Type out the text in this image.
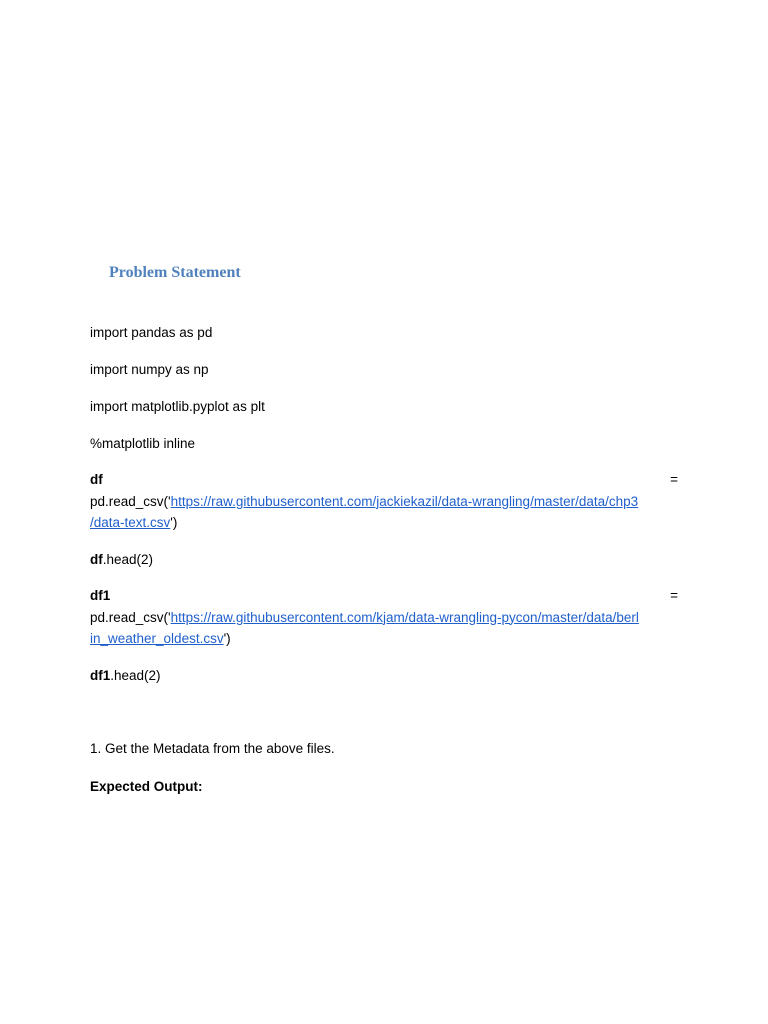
Problem Statement

import pandas as pd

import numpy as np

import matplotlib.pyplot as plt

%matplotlib inline

df	=
pd.read_csv('https://raw.githubusercontent.com/jackiekazil/data-wrangling/master/data/chp3
/data-text.csv')

df.head(2)

df1	=
pd.read_csv('https://raw.githubusercontent.com/kjam/data-wrangling-pycon/master/data/berl
in_weather_oldest.csv')

df1.head(2)

1. Get the Metadata from the above files.

Expected Output:
